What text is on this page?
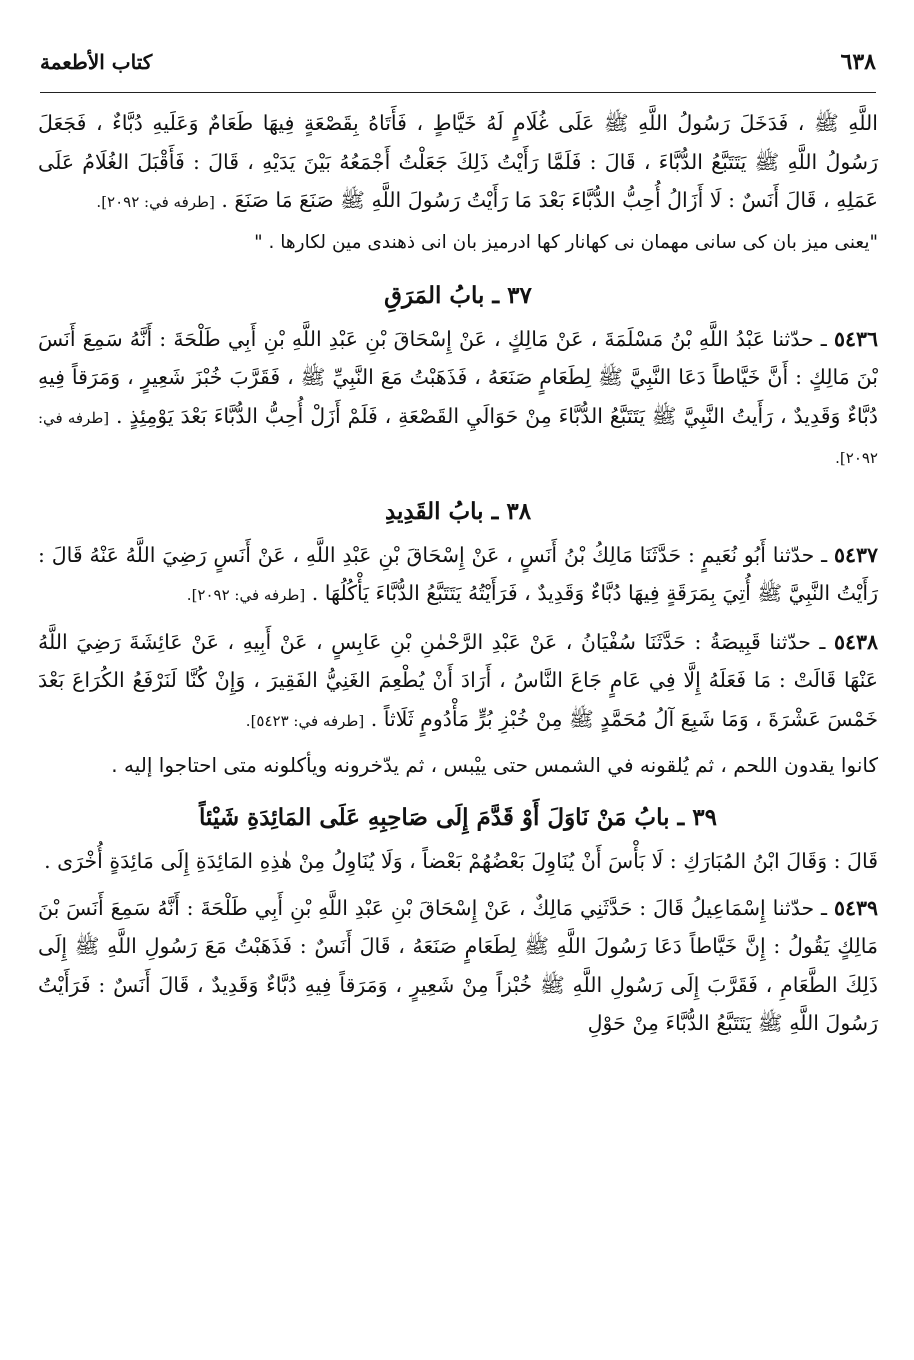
٦٣٨
كتاب الأطعمة

اللَّهِ ﷺ ، فَدَخَلَ رَسُولُ اللَّهِ ﷺ عَلَى غُلَامٍ لَهُ خَيَّاطٍ ، فَأَتَاهُ بِقَصْعَةٍ فِيهَا طَعَامٌ وَعَلَيهِ دُبَّاءٌ ، فَجَعَلَ رَسُولُ اللَّهِ ﷺ يَتَتَبَّعُ الدُّبَّاءَ ، قَالَ : فَلَمَّا رَأَيْتُ ذَلِكَ جَعَلْتُ أَجْمَعُهُ بَيْنَ يَدَيْهِ ، قَالَ : فَأَقْبَلَ الغُلَامُ عَلَى عَمَلِهِ ، قَالَ أَنَسٌ : لَا أَزَالُ أُحِبُّ الدُّبَّاءَ بَعْدَ مَا رَأَيْتُ رَسُولَ اللَّهِ ﷺ صَنَعَ مَا صَنَعَ . [طرفه في: ٢٠٩٢].

"يعنى ميز بان كى سانى مهمان نى كهانار كها ادرميز بان انى ذهندى مين لكارها . "

٣٧ ـ بابُ المَرَقِ

٥٤٣٦ ـ حدّثنا عَبْدُ اللَّهِ بْنُ مَسْلَمَةَ ، عَنْ مَالِكٍ ، عَنْ إِسْحَاقَ بْنِ عَبْدِ اللَّهِ بْنِ أَبِي طَلْحَةَ : أَنَّهُ سَمِعَ أَنَسَ بْنَ مَالِكٍ : أَنَّ خَيَّاطاً دَعَا النَّبِيَّ ﷺ لِطَعَامٍ صَنَعَهُ ، فَذَهَبْتُ مَعَ النَّبِيِّ ﷺ ، فَقَرَّبَ خُبْزَ شَعِيرٍ ، وَمَرَقاً فِيهِ دُبَّاءٌ وَقَدِيدٌ ، رَأَيتُ النَّبِيَّ ﷺ يَتَتَبَّعُ الدُّبَّاءَ مِنْ حَوَالَيِ القَصْعَةِ ، فَلَمْ أَزَلْ أُحِبُّ الدُّبَّاءَ بَعْدَ يَوْمِئِذٍ . [طرفه في: ٢٠٩٢].

٣٨ ـ بابُ القَدِيدِ

٥٤٣٧ ـ حدّثنا أَبُو نُعَيمٍ : حَدَّثَنَا مَالِكُ بْنُ أَنَسٍ ، عَنْ إِسْحَاقَ بْنِ عَبْدِ اللَّهِ ، عَنْ أَنَسٍ رَضِيَ اللَّهُ عَنْهُ قَالَ : رَأَيْتُ النَّبِيَّ ﷺ أُتِيَ بِمَرَقَةٍ فِيهَا دُبَّاءٌ وَقَدِيدٌ ، فَرَأَيْتُهُ يَتَتَبَّعُ الدُّبَّاءَ يَأْكُلُهَا . [طرفه في: ٢٠٩٢].

٥٤٣٨ ـ حدّثنا قَبِيصَةُ : حَدَّثَنَا سُفْيَانُ ، عَنْ عَبْدِ الرَّحْمٰنِ بْنِ عَابِسٍ ، عَنْ أَبِيهِ ، عَنْ عَائِشَةَ رَضِيَ اللَّهُ عَنْهَا قَالَتْ : مَا فَعَلَهُ إِلَّا فِي عَامٍ جَاعَ النَّاسُ ، أَرَادَ أَنْ يُطْعِمَ الغَنِيُّ الفَقِيرَ ، وَإِنْ كُنَّا لَنَرْفَعُ الكُرَاعَ بَعْدَ خَمْسَ عَشْرَةَ ، وَمَا شَبِعَ آلُ مُحَمَّدٍ ﷺ مِنْ خُبْزِ بُرٍّ مَأْدُومٍ ثَلَاثاً . [طرفه في: ٥٤٢٣].

كانوا يقدون اللحم ، ثم يُلقونه في الشمس حتى ييْبس ، ثم يدّخرونه ويأكلونه متى احتاجوا إليه .

٣٩ ـ بابُ مَنْ نَاوَلَ أَوْ قَدَّمَ إِلَى صَاحِبِهِ عَلَى المَائِدَةِ شَيْئاً

قَالَ : وَقَالَ ابْنُ المُبَارَكِ : لَا بَأْسَ أَنْ يُنَاوِلَ بَعْضُهُمْ بَعْضاً ، وَلَا يُنَاوِلُ مِنْ هٰذِهِ المَائِدَةِ إِلَى مَائِدَةٍ أُخْرَى .

٥٤٣٩ ـ حدّثنا إِسْمَاعِيلُ قَالَ : حَدَّثَنِي مَالِكٌ ، عَنْ إِسْحَاقَ بْنِ عَبْدِ اللَّهِ بْنِ أَبِي طَلْحَةَ : أَنَّهُ سَمِعَ أَنَسَ بْنَ مَالِكٍ يَقُولُ : إِنَّ خَيَّاطاً دَعَا رَسُولَ اللَّهِ ﷺ لِطَعَامٍ صَنَعَهُ ، قَالَ أَنَسٌ : فَذَهَبْتُ مَعَ رَسُولِ اللَّهِ ﷺ إِلَى ذَلِكَ الطَّعَامِ ، فَقَرَّبَ إِلَى رَسُولِ اللَّهِ ﷺ خُبْزاً مِنْ شَعِيرٍ ، وَمَرَقاً فِيهِ دُبَّاءٌ وَقَدِيدٌ ، قَالَ أَنَسٌ : فَرَأَيْتُ رَسُولَ اللَّهِ ﷺ يَتَتَبَّعُ الدُّبَّاءَ مِنْ حَوْلِ
